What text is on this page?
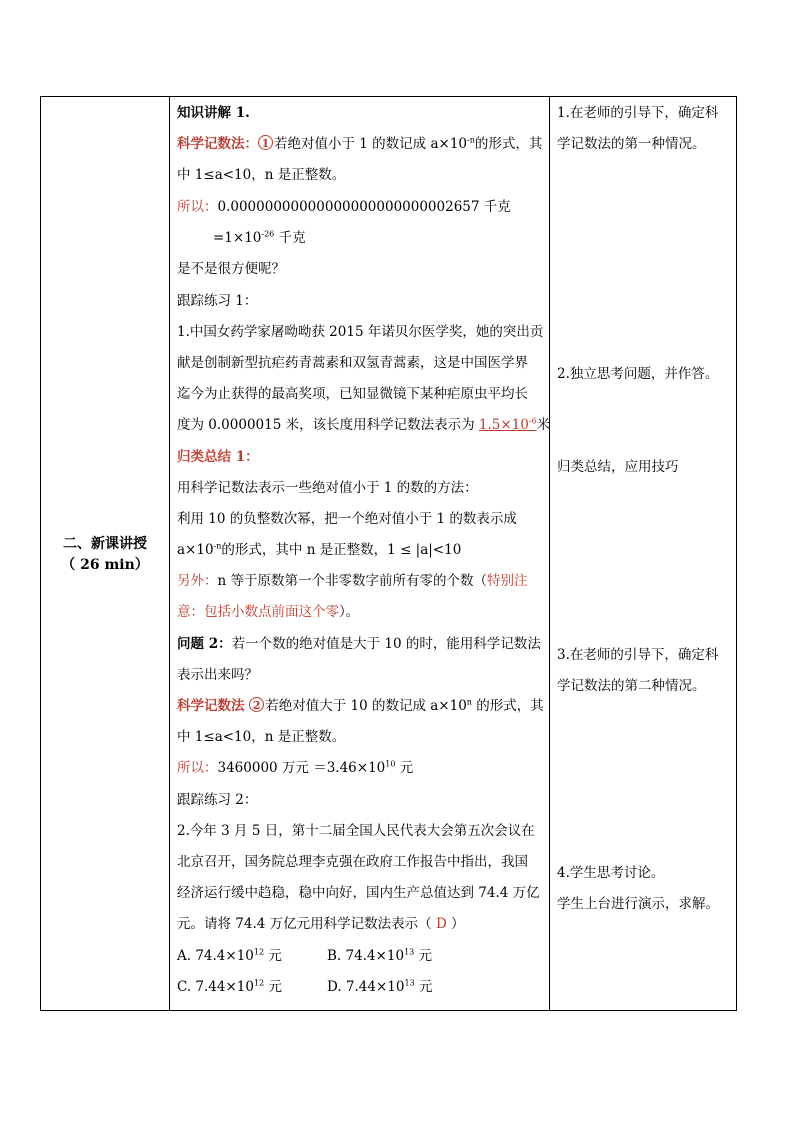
二、新课讲授
（ 26 min）
知识讲解 1.
科学记数法： 1 若绝对值小于 1 的数记成 $a\times 10^{-n}$的形式，其
中 1≤a<10，n 是正整数。
所以：0.00000000000000000000000002657 千克
$=1\times 10^{-26}$ 千克
是不是很方便呢？
跟踪练习 1：
1.中国女药学家屠呦呦获 2015 年诺贝尔医学奖，她的突出贡
献是创制新型抗疟药青蒿素和双氢青蒿素，这是中国医学界
迄今为止获得的最高奖项，已知显微镜下某种疟原虫平均长
度为 0.0000015 米，该长度用科学记数法表示为 $1.5\times 10^{-6}$米
归类总结 1：
用科学记数法表示一些绝对值小于 1 的数的方法：
利用 10 的负整数次幂，把一个绝对值小于 1 的数表示成
$a\times 10^{-n}$的形式，其中 n 是正整数，1 ≤ |a|<10
另外：n 等于原数第一个非零数字前所有零的个数（特别注
意：包括小数点前面这个零）。
问题 2：若一个数的绝对值是大于 10 的时，能用科学记数法
表示出来吗？
科学记数法 2 若绝对值大于 10 的数记成 $a\times 10^n$ 的形式，其
中 1≤a<10，n 是正整数。
所以：3460000 万元 $=3.46\times 10^{10}$ 元
跟踪练习 2：
2.今年 3 月 5 日，第十二届全国人民代表大会第五次会议在
北京召开，国务院总理李克强在政府工作报告中指出，我国
经济运行缓中趋稳，稳中向好，国内生产总值达到 74.4 万亿
元。请将 74.4 万亿元用科学记数法表示（ D ）
A. $74.4\times 10^{12}$ 元	B. $74.4\times 10^{13}$ 元
C. $7.44\times 10^{12}$ 元	D. $7.44\times 10^{13}$ 元
1.在老师的引导下，确定科
学记数法的第一种情况。
2.独立思考问题，并作答。
归类总结，应用技巧
3.在老师的引导下，确定科
学记数法的第二种情况。
4.学生思考讨论。
学生上台进行演示，求解。
